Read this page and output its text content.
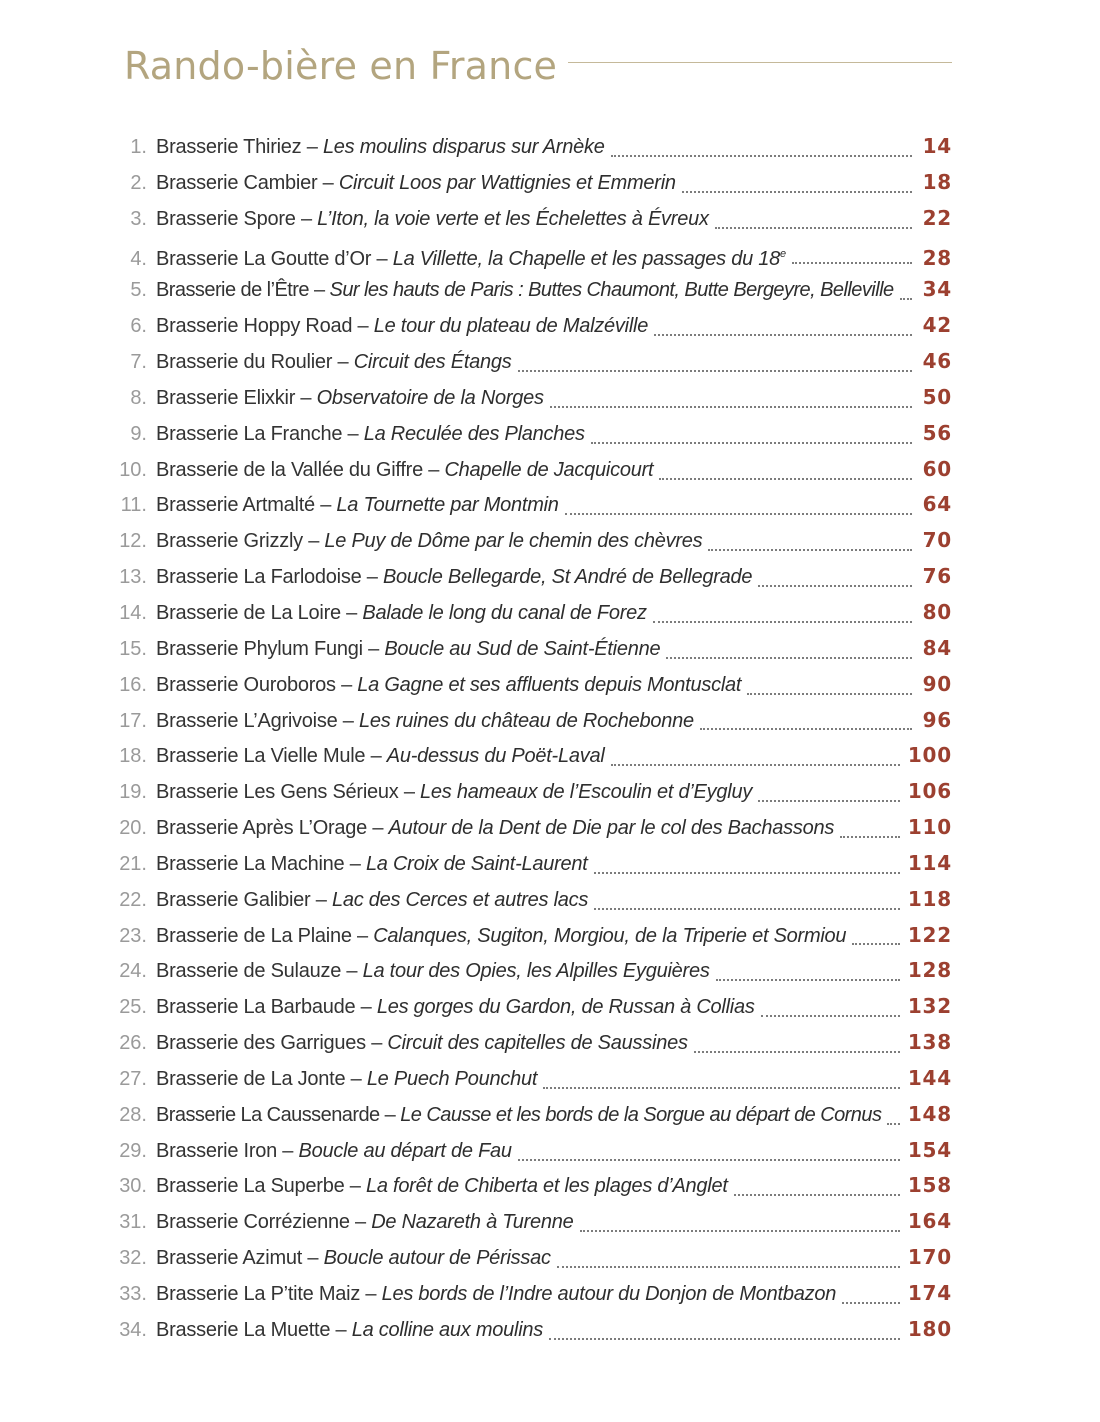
Rando-bière en France
1. Brasserie Thiriez – Les moulins disparus sur Arnèke	14
2. Brasserie Cambier – Circuit Loos par Wattignies et Emmerin	18
3. Brasserie Spore – L’Iton, la voie verte et les Échelettes à Évreux	22
4. Brasserie La Goutte d’Or – La Villette, la Chapelle et les passages du 18e	28
5. Brasserie de l’Être – Sur les hauts de Paris : Buttes Chaumont, Butte Bergeyre, Belleville 34
6. Brasserie Hoppy Road – Le tour du plateau de Malzéville	42
7. Brasserie du Roulier – Circuit des Étangs	46
8. Brasserie Elixkir – Observatoire de la Norges	50
9. Brasserie La Franche – La Reculée des Planches	56
10. Brasserie de la Vallée du Giffre – Chapelle de Jacquicourt	60
11. Brasserie Artmalté – La Tournette par Montmin	64
12. Brasserie Grizzly – Le Puy de Dôme par le chemin des chèvres	70
13. Brasserie La Farlodoise – Boucle Bellegarde, St André de Bellegrade	76
14. Brasserie de La Loire – Balade le long du canal de Forez	80
15. Brasserie Phylum Fungi – Boucle au Sud de Saint-Étienne	84
16. Brasserie Ouroboros – La Gagne et ses affluents depuis Montusclat	90
17. Brasserie L’Agrivoise – Les ruines du château de Rochebonne	96
18. Brasserie La Vielle Mule – Au-dessus du Poët-Laval	100
19. Brasserie Les Gens Sérieux – Les hameaux de l’Escoulin et d’Eygluy	106
20. Brasserie Après L’Orage – Autour de la Dent de Die par le col des Bachassons	110
21. Brasserie La Machine – La Croix de Saint-Laurent	114
22. Brasserie Galibier – Lac des Cerces et autres lacs	118
23. Brasserie de La Plaine – Calanques, Sugiton, Morgiou, de la Triperie et Sormiou	122
24. Brasserie de Sulauze – La tour des Opies, les Alpilles Eyguières	128
25. Brasserie La Barbaude – Les gorges du Gardon, de Russan à Collias	132
26. Brasserie des Garrigues – Circuit des capitelles de Saussines	138
27. Brasserie de La Jonte – Le Puech Pounchut	144
28. Brasserie La Caussenarde – Le Causse et les bords de la Sorgue au départ de Cornus 148
29. Brasserie Iron – Boucle au départ de Fau	154
30. Brasserie La Superbe – La forêt de Chiberta et les plages d’Anglet	158
31. Brasserie Corrézienne – De Nazareth à Turenne	164
32. Brasserie Azimut – Boucle autour de Périssac	170
33. Brasserie La P’tite Maiz – Les bords de l’Indre autour du Donjon de Montbazon	174
34. Brasserie La Muette – La colline aux moulins	180
